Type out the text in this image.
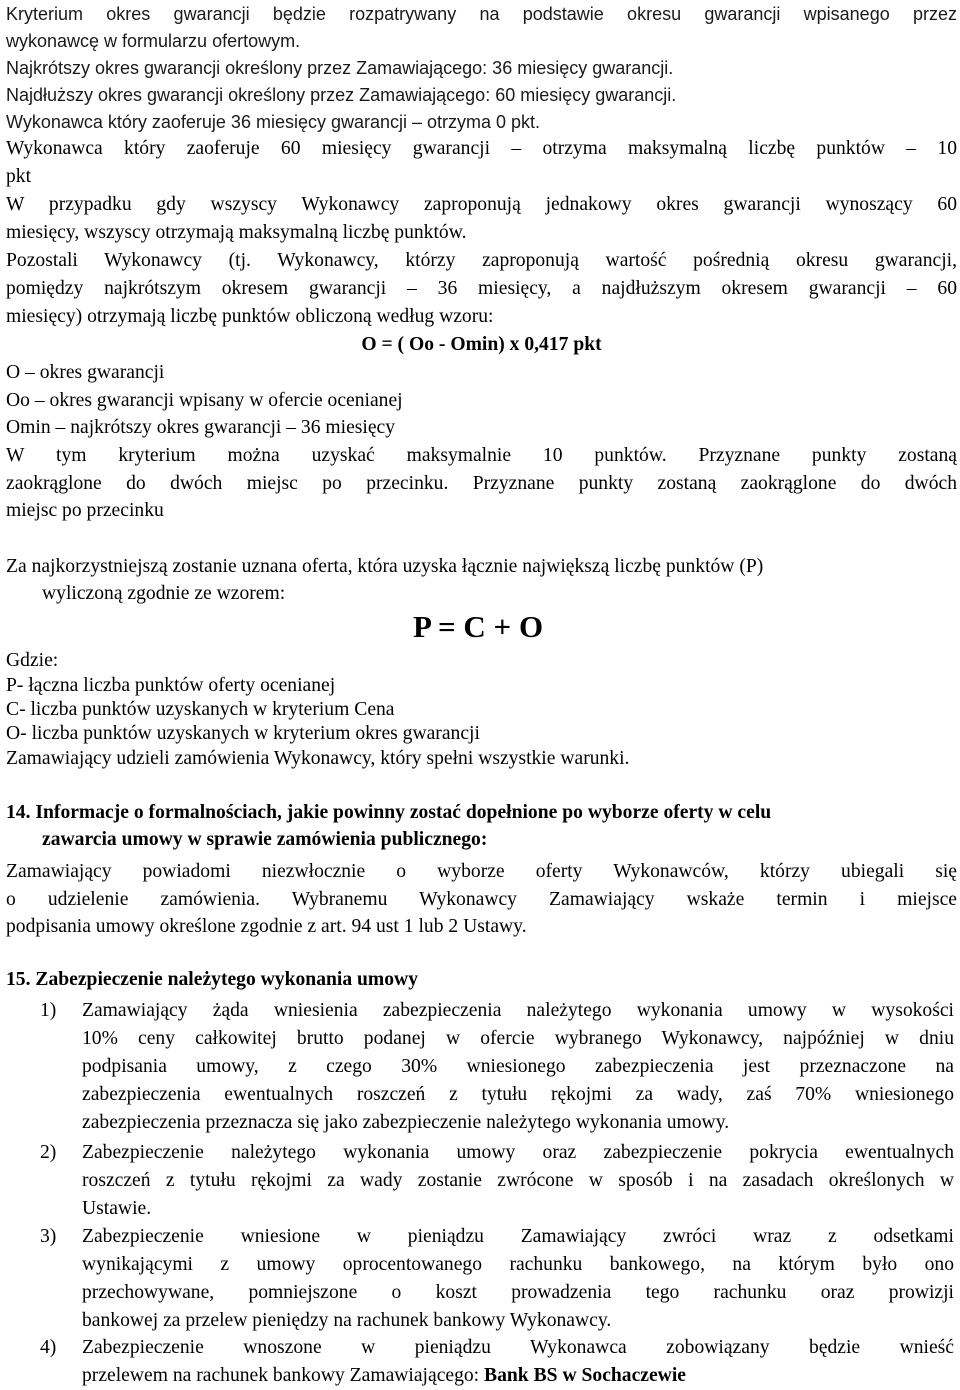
Kryterium okres gwarancji będzie rozpatrywany na podstawie okresu gwarancji wpisanego przez
wykonawcę w formularzu ofertowym.
Najkrótszy okres gwarancji określony przez Zamawiającego: 36 miesięcy gwarancji.
Najdłuższy okres gwarancji określony przez Zamawiającego: 60 miesięcy gwarancji.
Wykonawca który zaoferuje 36 miesięcy gwarancji – otrzyma 0 pkt.
Wykonawca który zaoferuje 60 miesięcy gwarancji – otrzyma maksymalną liczbę punktów – 10
pkt
W przypadku gdy wszyscy Wykonawcy zaproponują jednakowy okres gwarancji wynoszący 60
miesięcy, wszyscy otrzymają maksymalną liczbę punktów.
Pozostali Wykonawcy (tj. Wykonawcy, którzy zaproponują wartość pośrednią okresu gwarancji,
pomiędzy najkrótszym okresem gwarancji – 36 miesięcy, a najdłuższym okresem gwarancji – 60
miesięcy) otrzymają liczbę punktów obliczoną według wzoru:
O = ( Oo - Omin) x 0,417 pkt
O – okres gwarancji
Oo – okres gwarancji wpisany w ofercie ocenianej
Omin – najkrótszy okres gwarancji – 36 miesięcy
W tym kryterium można uzyskać maksymalnie 10 punktów. Przyznane punkty zostaną
zaokrąglone do dwóch miejsc po przecinku. Przyznane punkty zostaną zaokrąglone do dwóch
miejsc po przecinku
Za najkorzystniejszą zostanie uznana oferta, która uzyska łącznie największą liczbę punktów (P)
wyliczoną zgodnie ze wzorem:
P = C + O
Gdzie:
P- łączna liczba punktów oferty ocenianej
C- liczba punktów uzyskanych w kryterium Cena
O- liczba punktów uzyskanych w kryterium okres gwarancji
Zamawiający udzieli zamówienia Wykonawcy, który spełni wszystkie warunki.
14. Informacje o formalnościach, jakie powinny zostać dopełnione po wyborze oferty w celu
zawarcia umowy w sprawie zamówienia publicznego:
Zamawiający powiadomi niezwłocznie o wyborze oferty Wykonawców, którzy ubiegali się
o udzielenie zamówienia. Wybranemu Wykonawcy Zamawiający wskaże termin i miejsce
podpisania umowy określone zgodnie z art. 94 ust 1 lub 2 Ustawy.
15. Zabezpieczenie należytego wykonania umowy
1) Zamawiający żąda wniesienia zabezpieczenia należytego wykonania umowy w wysokości
10% ceny całkowitej brutto podanej w ofercie wybranego Wykonawcy, najpóźniej w dniu
podpisania umowy, z czego 30% wniesionego zabezpieczenia jest przeznaczone na
zabezpieczenia ewentualnych roszczeń z tytułu rękojmi za wady, zaś 70% wniesionego
zabezpieczenia przeznacza się jako zabezpieczenie należytego wykonania umowy.
2) Zabezpieczenie należytego wykonania umowy oraz zabezpieczenie pokrycia ewentualnych
roszczeń z tytułu rękojmi za wady zostanie zwrócone w sposób i na zasadach określonych w
Ustawie.
3) Zabezpieczenie wniesione w pieniądzu Zamawiający zwróci wraz z odsetkami
wynikającymi z umowy oprocentowanego rachunku bankowego, na którym było ono
przechowywane, pomniejszone o koszt prowadzenia tego rachunku oraz prowizji
bankowej za przelew pieniędzy na rachunek bankowy Wykonawcy.
4) Zabezpieczenie wnoszone w pieniądzu Wykonawca zobowiązany będzie wnieść
przelewem na rachunek bankowy Zamawiającego: Bank BS w Sochaczewie
